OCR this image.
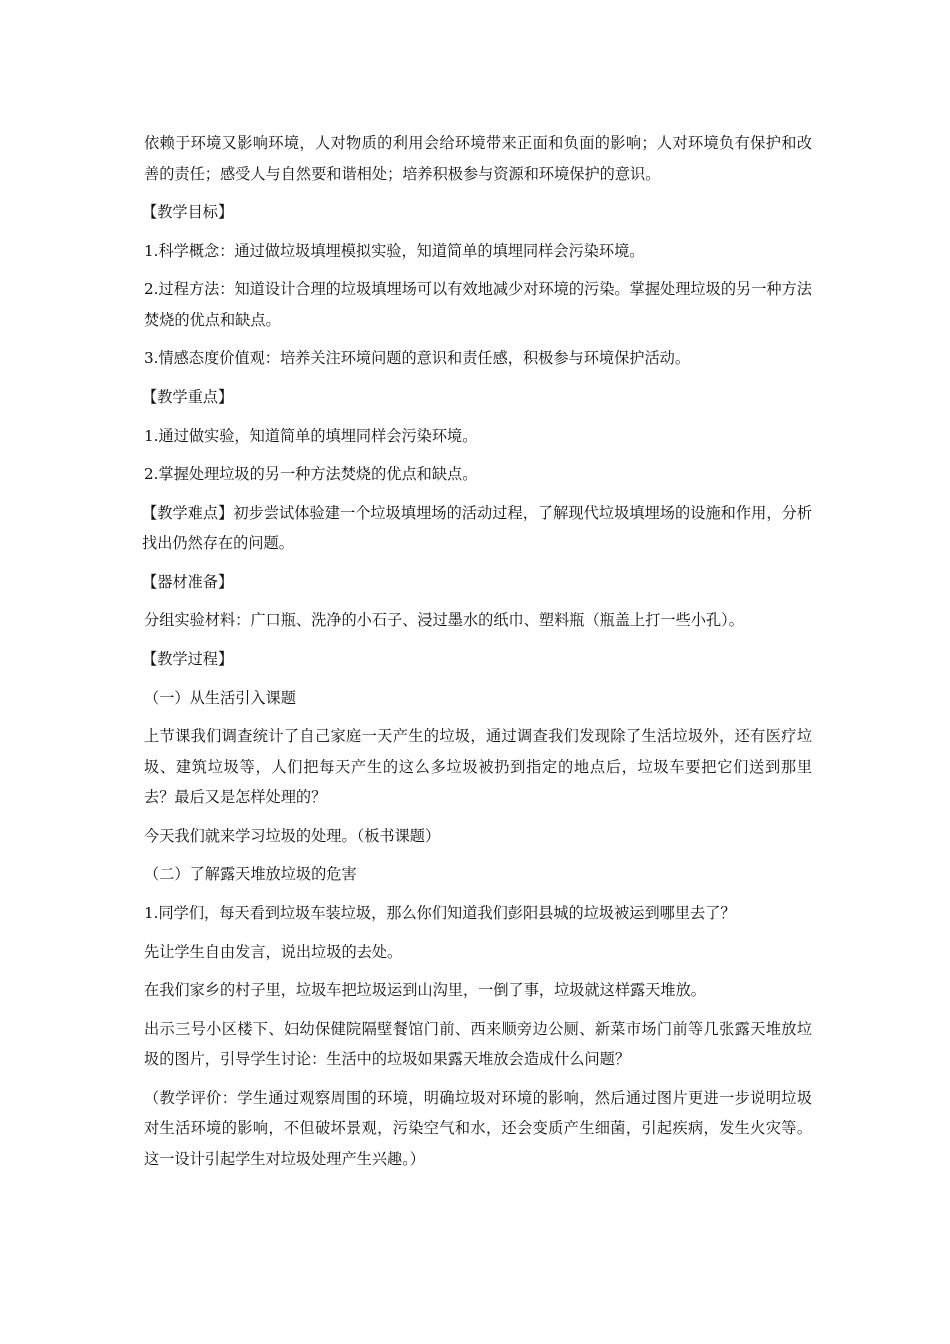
依赖于环境又影响环境，人对物质的利用会给环境带来正面和负面的影响；人对环境负有保护和改善的责任；感受人与自然要和谐相处；培养积极参与资源和环境保护的意识。

【教学目标】

1.科学概念：通过做垃圾填埋模拟实验，知道简单的填埋同样会污染环境。

2.过程方法：知道设计合理的垃圾填埋场可以有效地减少对环境的污染。掌握处理垃圾的另一种方法焚烧的优点和缺点。

3.情感态度价值观：培养关注环境问题的意识和责任感，积极参与环境保护活动。

【教学重点】

1.通过做实验，知道简单的填埋同样会污染环境。

2.掌握处理垃圾的另一种方法焚烧的优点和缺点。

【教学难点】初步尝试体验建一个垃圾填埋场的活动过程，了解现代垃圾填埋场的设施和作用，分析找出仍然存在的问题。

【器材准备】

分组实验材料：广口瓶、洗净的小石子、浸过墨水的纸巾、塑料瓶（瓶盖上打一些小孔）。

【教学过程】

（一）从生活引入课题

上节课我们调查统计了自己家庭一天产生的垃圾，通过调查我们发现除了生活垃圾外，还有医疗垃圾、建筑垃圾等，人们把每天产生的这么多垃圾被扔到指定的地点后，垃圾车要把它们送到那里去？最后又是怎样处理的？

今天我们就来学习垃圾的处理。（板书课题）

（二）了解露天堆放垃圾的危害

1.同学们，每天看到垃圾车装垃圾，那么你们知道我们彭阳县城的垃圾被运到哪里去了？

先让学生自由发言，说出垃圾的去处。

在我们家乡的村子里，垃圾车把垃圾运到山沟里，一倒了事，垃圾就这样露天堆放。

出示三号小区楼下、妇幼保健院隔壁餐馆门前、西来顺旁边公厕、新菜市场门前等几张露天堆放垃圾的图片，引导学生讨论：生活中的垃圾如果露天堆放会造成什么问题？

（教学评价：学生通过观察周围的环境，明确垃圾对环境的影响，然后通过图片更进一步说明垃圾对生活环境的影响，不但破坏景观，污染空气和水，还会变质产生细菌，引起疾病，发生火灾等。这一设计引起学生对垃圾处理产生兴趣。）
